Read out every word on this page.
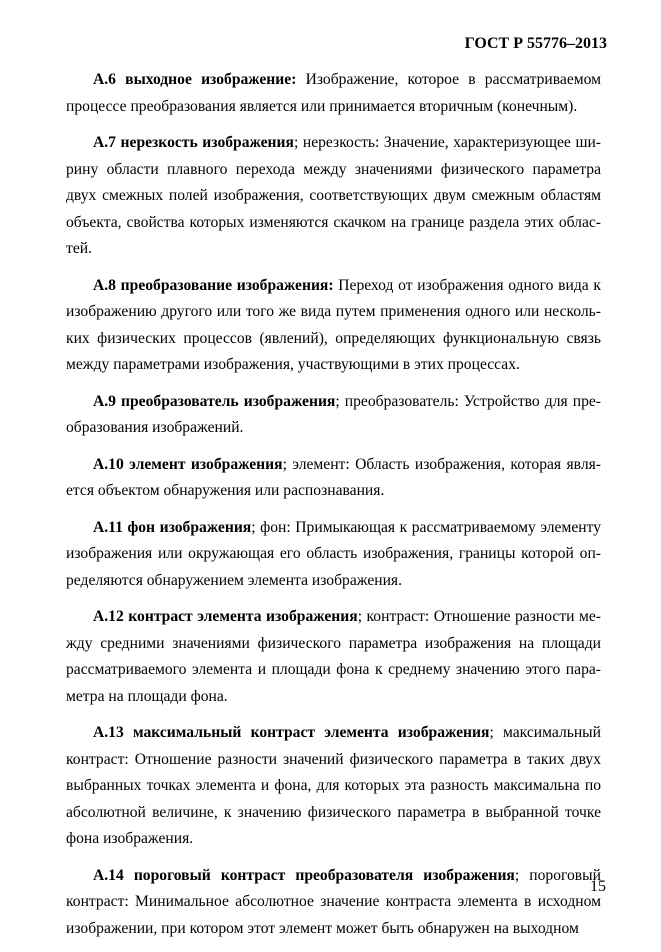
ГОСТ Р 55776–2013

А.6 выходное изображение: Изображение, которое в рассматриваемом процессе преобразования является или принимается вторичным (конечным).

А.7 нерезкость изображения; нерезкость: Значение, характеризующее ширину области плавного перехода между значениями физического параметра двух смежных полей изображения, соответствующих двум смежным областям объекта, свойства которых изменяются скачком на границе раздела этих областей.

А.8 преобразование изображения: Переход от изображения одного вида к изображению другого или того же вида путем применения одного или нескольких физических процессов (явлений), определяющих функциональную связь между параметрами изображения, участвующими в этих процессах.

А.9 преобразователь изображения; преобразователь: Устройство для преобразования изображений.

А.10 элемент изображения; элемент: Область изображения, которая является объектом обнаружения или распознавания.

А.11 фон изображения; фон: Примыкающая к рассматриваемому элементу изображения или окружающая его область изображения, границы которой определяются обнаружением элемента изображения.

А.12 контраст элемента изображения; контраст: Отношение разности между средними значениями физического параметра изображения на площади рассматриваемого элемента и площади фона к среднему значению этого параметра на площади фона.

А.13 максимальный контраст элемента изображения; максимальный контраст: Отношение разности значений физического параметра в таких двух выбранных точках элемента и фона, для которых эта разность максимальна по абсолютной величине, к значению физического параметра в выбранной точке фона изображения.

А.14 пороговый контраст преобразователя изображения; пороговый контраст: Минимальное абсолютное значение контраста элемента в исходном изображении, при котором этот элемент может быть обнаружен на выходном

15
